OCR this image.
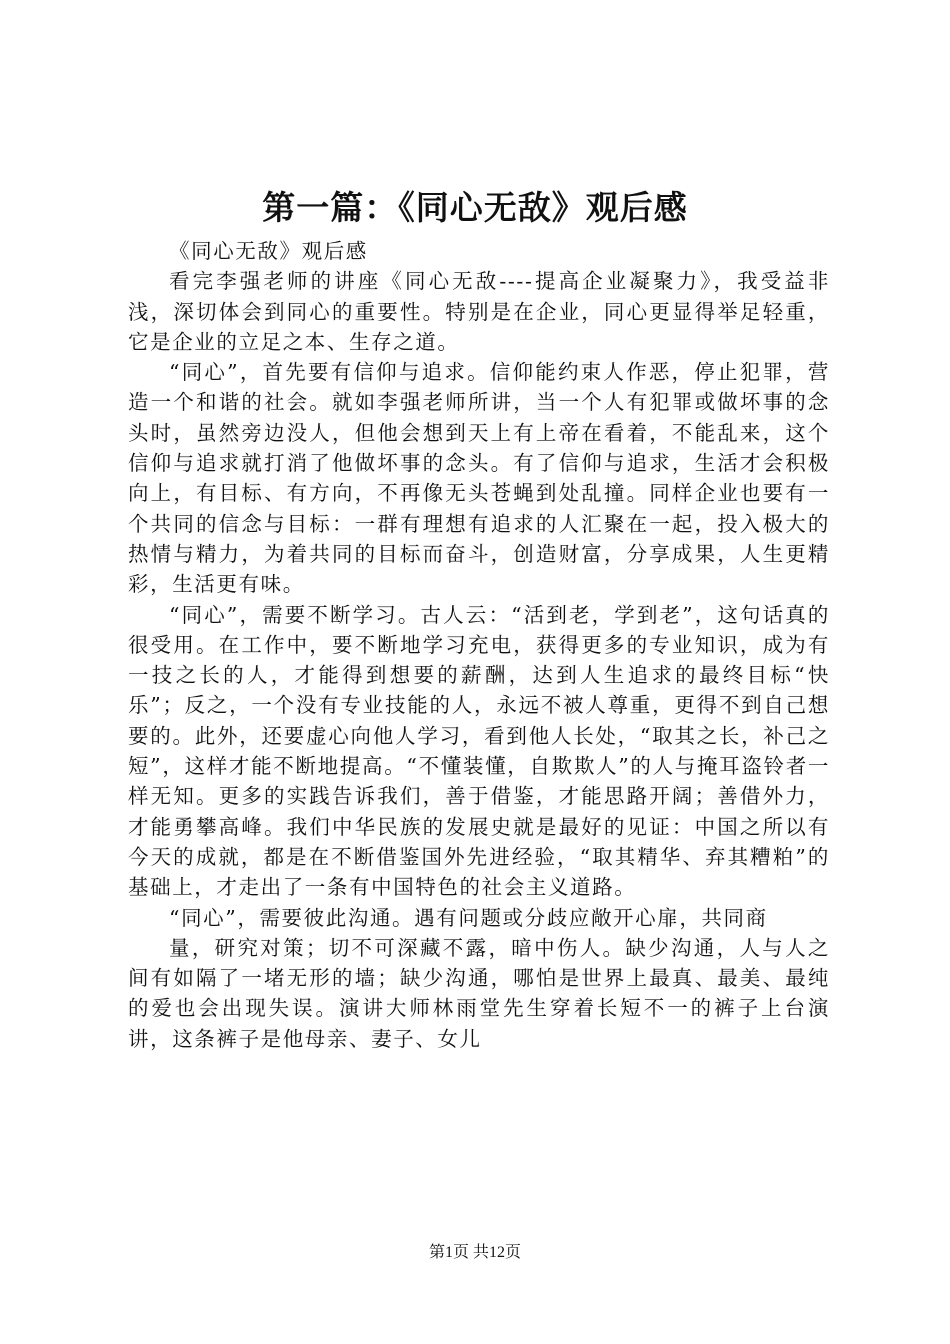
第一篇：《同心无敌》观后感

《同心无敌》观后感

看完李强老师的讲座《同心无敌----提高企业凝聚力》，我受益非浅，深切体会到同心的重要性。特别是在企业，同心更显得举足轻重，它是企业的立足之本、生存之道。

“同心”，首先要有信仰与追求。信仰能约束人作恶，停止犯罪，营造一个和谐的社会。就如李强老师所讲，当一个人有犯罪或做坏事的念头时，虽然旁边没人，但他会想到天上有上帝在看着，不能乱来，这个信仰与追求就打消了他做坏事的念头。有了信仰与追求，生活才会积极向上，有目标、有方向，不再像无头苍蝇到处乱撞。同样企业也要有一个共同的信念与目标：一群有理想有追求的人汇聚在一起，投入极大的热情与精力，为着共同的目标而奋斗，创造财富，分享成果，人生更精彩，生活更有味。

“同心”，需要不断学习。古人云：“活到老，学到老”，这句话真的很受用。在工作中，要不断地学习充电，获得更多的专业知识，成为有一技之长的人，才能得到想要的薪酬，达到人生追求的最终目标“快乐”；反之，一个没有专业技能的人，永远不被人尊重，更得不到自己想要的。此外，还要虚心向他人学习，看到他人长处，“取其之长，补己之短”，这样才能不断地提高。“不懂装懂，自欺欺人”的人与掩耳盗铃者一样无知。更多的实践告诉我们，善于借鉴，才能思路开阔；善借外力，才能勇攀高峰。我们中华民族的发展史就是最好的见证：中国之所以有今天的成就，都是在不断借鉴国外先进经验，“取其精华、弃其糟粕”的基础上，才走出了一条有中国特色的社会主义道路。

“同心”，需要彼此沟通。遇有问题或分歧应敞开心扉，共同商

量，研究对策；切不可深藏不露，暗中伤人。缺少沟通，人与人之间有如隔了一堵无形的墙；缺少沟通，哪怕是世界上最真、最美、最纯的爱也会出现失误。演讲大师林雨堂先生穿着长短不一的裤子上台演讲，这条裤子是他母亲、妻子、女儿

第1页 共12页
